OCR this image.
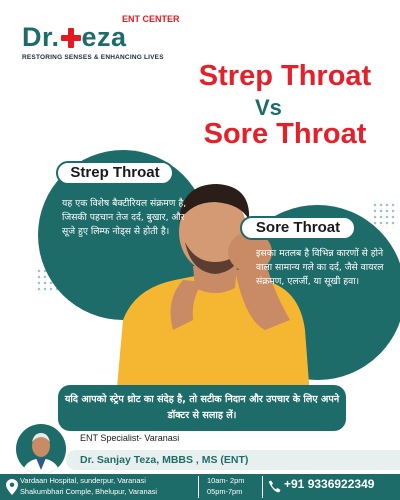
Dr. eza
ENT CENTER
RESTORING SENSES & ENHANCING LIVES
Strep Throat
Vs
Sore Throat
Strep Throat
यह एक विशेष बैक्टीरियल संक्रमण है, जिसकी पहचान तेज दर्द, बुखार, और सूजे हुए लिम्फ नोड्स से होती है।	Sore Throat
इसका मतलब है विभिन्न कारणों से होने वाला सामान्य गले का दर्द, जैसे वायरल संक्रमण, एलर्जी, या सूखी हवा।
यदि आपको स्ट्रेप थ्रोट का संदेह है, तो सटीक निदान और उपचार के लिए अपने डॉक्टर से सलाह लें।
ENT Specialist- Varanasi
Dr. Sanjay Teza, MBBS , MS (ENT)
Vardaan Hospital, sunderpur, Varanasi
Shakumbhari Comple, Bhelupur, Varanasi
10am- 2pm
05pm-7pm
+91 9336922349
